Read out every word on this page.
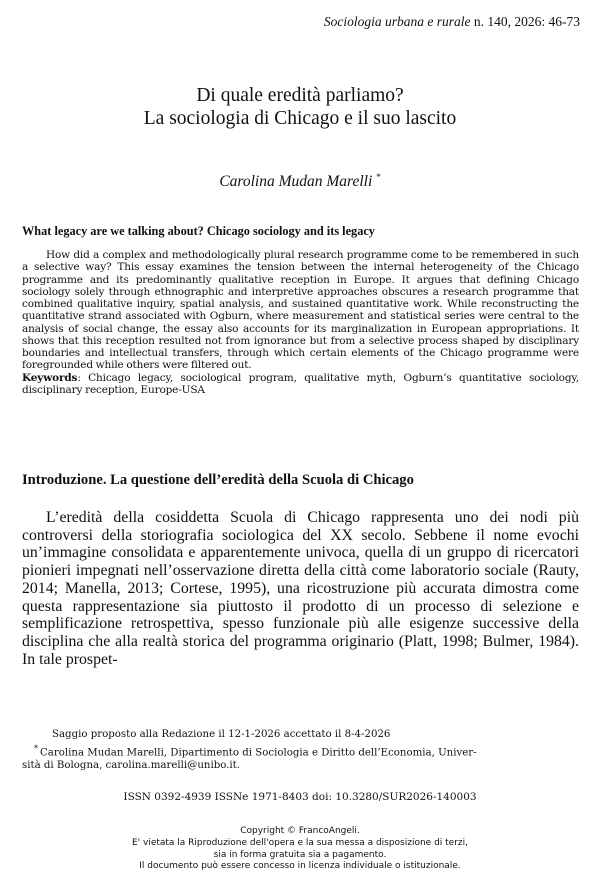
Sociologia urbana e rurale n. 140, 2026: 46-73
Di quale eredità parliamo?
La sociologia di Chicago e il suo lascito
Carolina Mudan Marelli *
What legacy are we talking about? Chicago sociology and its legacy

How did a complex and methodologically plural research programme come to be remembered in such a selective way? This essay examines the tension between the internal heterogeneity of the Chicago programme and its predominantly qualitative reception in Europe. It argues that defining Chicago sociology solely through ethnographic and interpretive approaches obscures a research programme that combined qualitative inquiry, spatial analysis, and sustained quantitative work. While reconstructing the quantitative strand associated with Ogburn, where measurement and statistical series were central to the analysis of social change, the essay also accounts for its marginalization in European appropriations. It shows that this reception resulted not from ignorance but from a selective process shaped by disciplinary boundaries and intellectual transfers, through which certain elements of the Chicago programme were foregrounded while others were filtered out.

Keywords: Chicago legacy, sociological program, qualitative myth, Ogburn’s quantitative sociology, disciplinary reception, Europe-USA
Introduzione. La questione dell’eredità della Scuola di Chicago

L’eredità della cosiddetta Scuola di Chicago rappresenta uno dei nodi più controversi della storiografia sociologica del XX secolo. Sebbene il nome evochi un’immagine consolidata e apparentemente univoca, quella di un gruppo di ricercatori pionieri impegnati nell’osservazione diretta della città come laboratorio sociale (Rauty, 2014; Manella, 2013; Cortese, 1995), una ricostruzione più accurata dimostra come questa rappresentazione sia piuttosto il prodotto di un processo di selezione e semplificazione retrospettiva, spesso funzionale più alle esigenze successive della disciplina che alla realtà storica del programma originario (Platt, 1998; Bulmer, 1984). In tale prospet-

Saggio proposto alla Redazione il 12-1-2026 accettato il 8-4-2026
* Carolina Mudan Marelli, Dipartimento di Sociologia e Diritto dell’Economia, Univer-
sità di Bologna, carolina.marelli@unibo.it.
ISSN 0392-4939 ISSNe 1971-8403 doi: 10.3280/SUR2026-140003
Copyright © FrancoAngeli.
E' vietata la Riproduzione dell'opera e la sua messa a disposizione di terzi,
sia in forma gratuita sia a pagamento.
Il documento può essere concesso in licenza individuale o istituzionale.
